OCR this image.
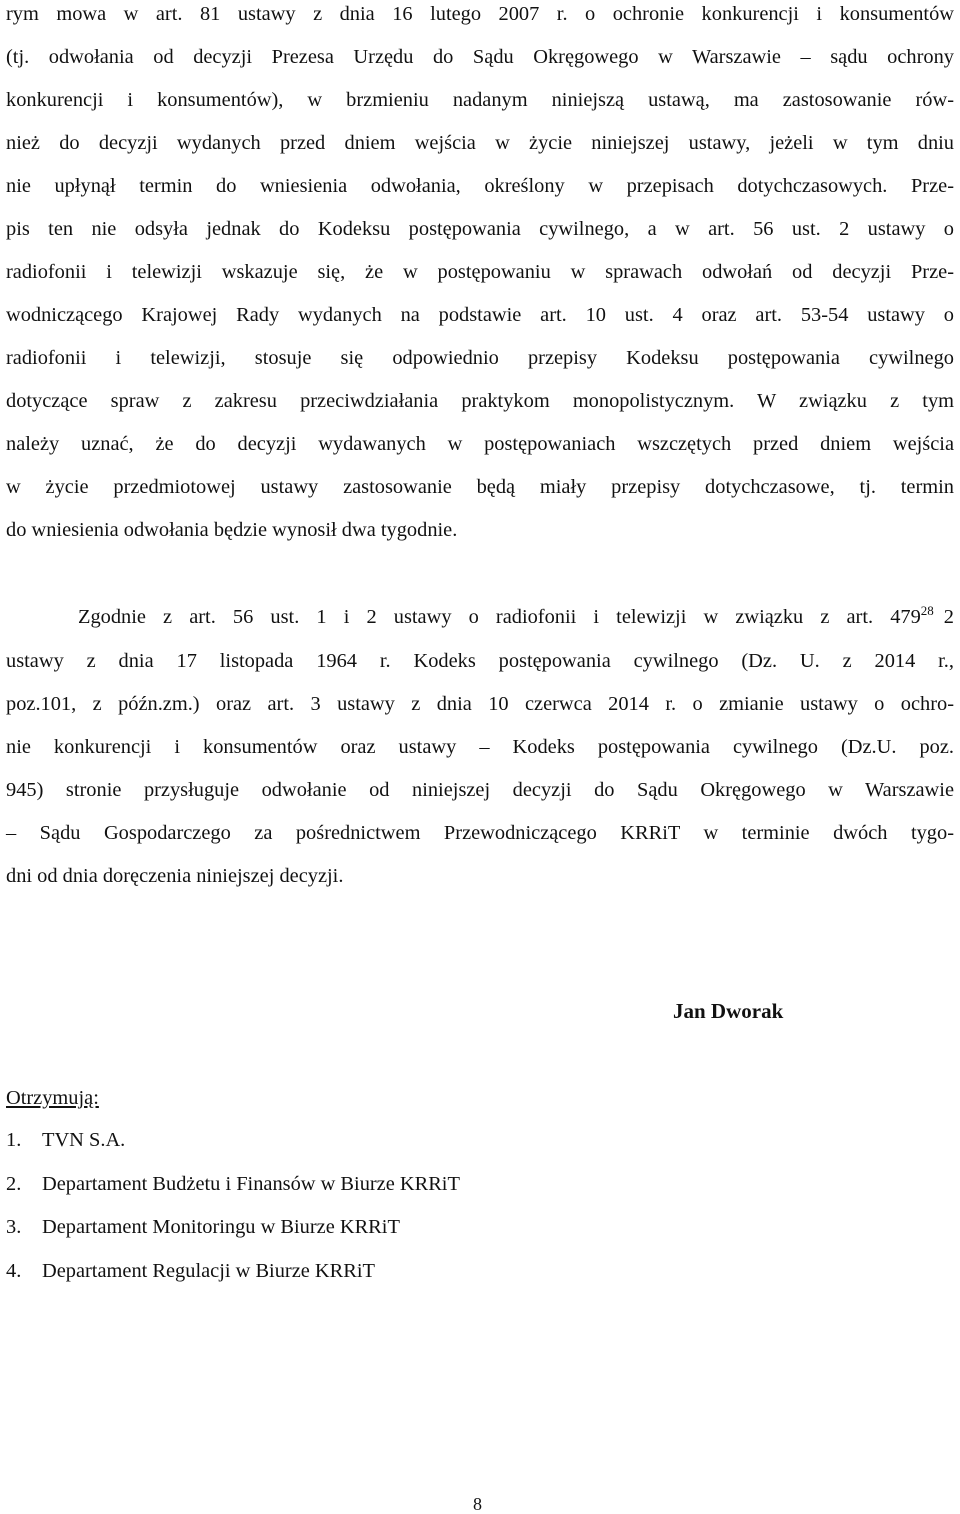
rym mowa w art. 81 ustawy z dnia 16 lutego 2007 r. o ochronie konkurencji i konsumentów
(tj. odwołania od decyzji Prezesa Urzędu do Sądu Okręgowego w Warszawie – sądu ochrony
konkurencji i konsumentów), w brzmieniu nadanym niniejszą ustawą, ma zastosowanie rów-
nież do decyzji wydanych przed dniem wejścia w życie niniejszej ustawy, jeżeli w tym dniu
nie upłynął termin do wniesienia odwołania, określony w przepisach dotychczasowych. Prze-
pis ten nie odsyła jednak do Kodeksu postępowania cywilnego, a w art. 56 ust. 2 ustawy o
radiofonii i telewizji wskazuje się, że w postępowaniu w sprawach odwołań od decyzji Prze-
wodniczącego Krajowej Rady wydanych na podstawie art. 10 ust. 4 oraz art. 53-54 ustawy o
radiofonii i telewizji, stosuje się odpowiednio przepisy Kodeksu postępowania cywilnego
dotyczące spraw z zakresu przeciwdziałania praktykom monopolistycznym. W związku z tym
należy uznać, że do decyzji wydawanych w postępowaniach wszczętych przed dniem wejścia
w życie przedmiotowej ustawy zastosowanie będą miały przepisy dotychczasowe, tj. termin
do wniesienia odwołania będzie wynosił dwa tygodnie.
Zgodnie z art. 56 ust. 1 i 2 ustawy o radiofonii i telewizji w związku z art. $479^{28}$ 2
ustawy z dnia 17 listopada 1964 r. Kodeks postępowania cywilnego (Dz. U. z 2014 r.,
poz.101, z późn.zm.) oraz art. 3 ustawy z dnia 10 czerwca 2014 r. o zmianie ustawy o ochro-
nie konkurencji i konsumentów oraz ustawy – Kodeks postępowania cywilnego (Dz.U. poz.
945) stronie przysługuje odwołanie od niniejszej decyzji do Sądu Okręgowego w Warszawie
– Sądu Gospodarczego za pośrednictwem Przewodniczącego KRRiT w terminie dwóch tygo-
dni od dnia doręczenia niniejszej decyzji.
Jan Dworak
Otrzymują:
1. TVN S.A.
2. Departament Budżetu i Finansów w Biurze KRRiT
3. Departament Monitoringu w Biurze KRRiT
4. Departament Regulacji w Biurze KRRiT
8
